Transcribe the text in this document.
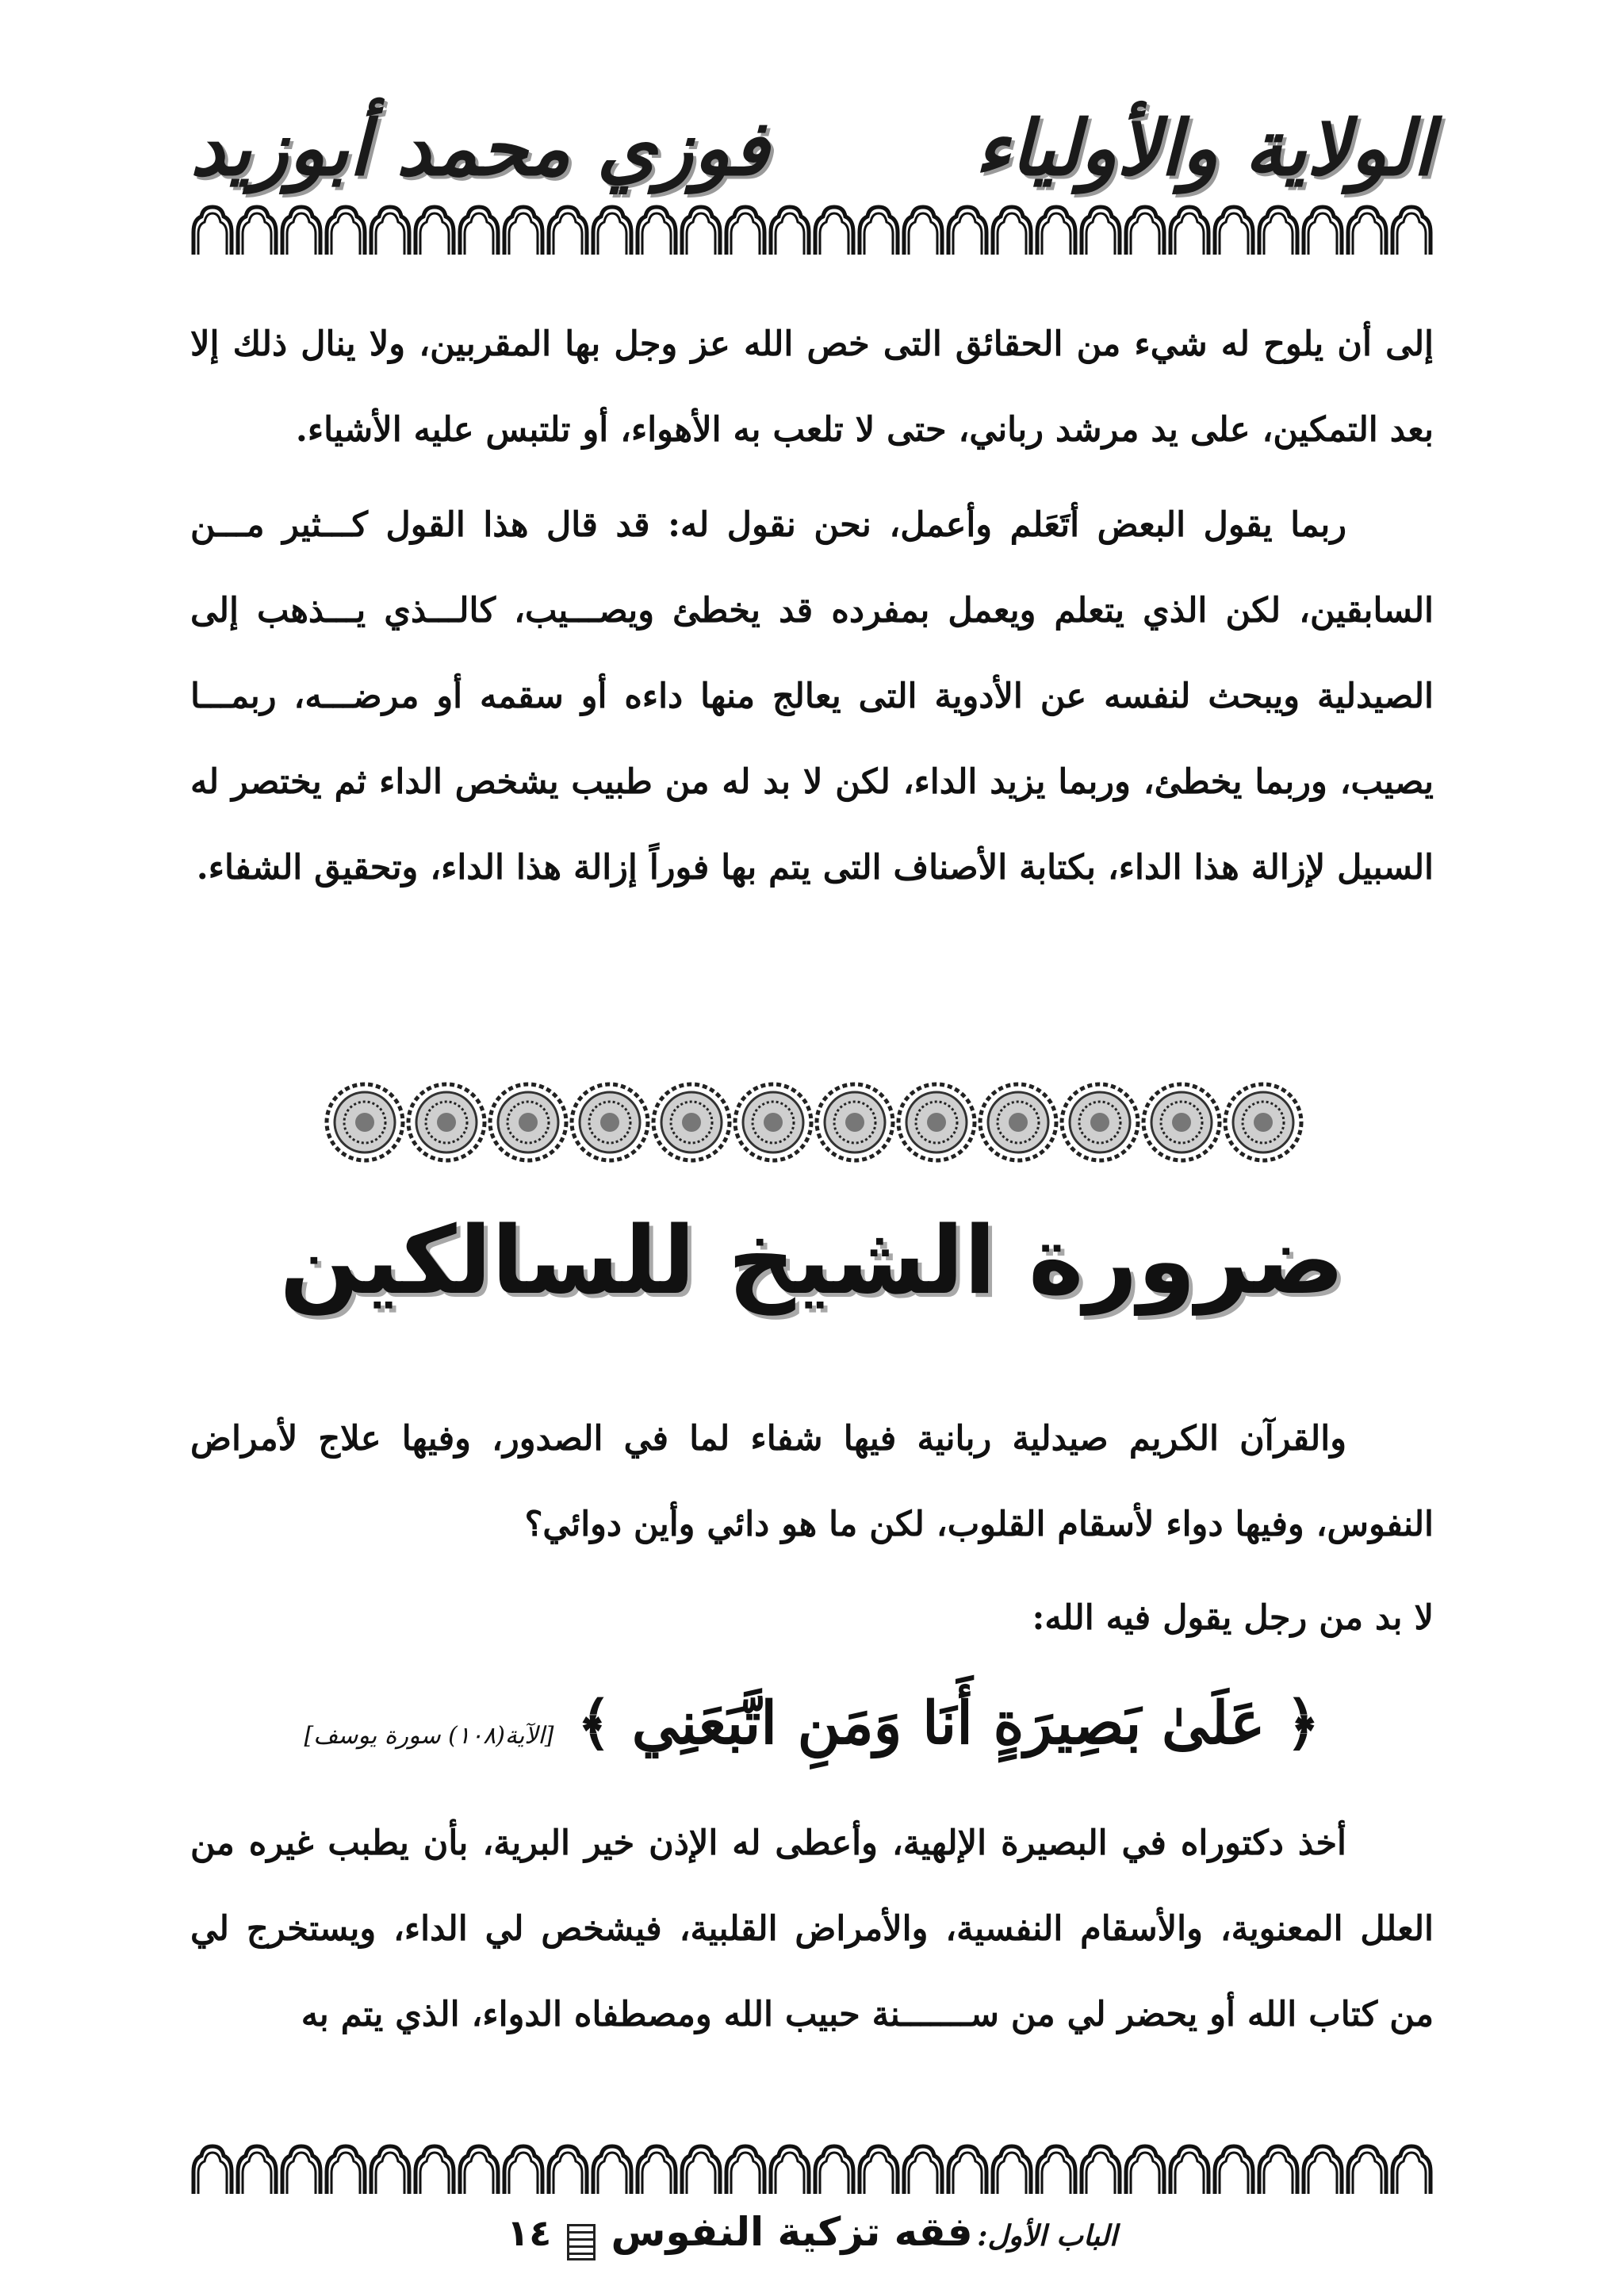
الولاية والأولياء
فوزي محمد أبوزيد

إلى أن يلوح له شيء من الحقائق التى خص الله عز وجل بها المقربين، ولا ينال ذلك إلا بعد التمكين، على يد مرشد رباني، حتى لا تلعب به الأهواء، أو تلتبس عليه الأشياء.

ربما يقول البعض أتَعَلم وأعمل، نحن نقول له: قد قال هذا القول كـــثير مـــن السابقين، لكن الذي يتعلم ويعمل بمفرده قد يخطئ ويصـــيب، كالـــذي يـــذهب إلى الصيدلية ويبحث لنفسه عن الأدوية التى يعالج منها داءه أو سقمه أو مرضـــه، ربمـــا يصيب، وربما يخطئ، وربما يزيد الداء، لكن لا بد له من طبيب يشخص الداء ثم يختصر له السبيل لإزالة هذا الداء، بكتابة الأصناف التى يتم بها فوراً إزالة هذا الداء، وتحقيق الشفاء.

ضرورة الشيخ للسالكين

والقرآن الكريم صيدلية ربانية فيها شفاء لما في الصدور، وفيها علاج لأمراض النفوس، وفيها دواء لأسقام القلوب، لكن ما هو دائي وأين دوائي؟

لا بد من رجل يقول فيه الله:
﴿ عَلَىٰ بَصِيرَةٍ أَنَا وَمَنِ اتَّبَعَنِي ﴾ [الآية(١٠٨) سورة يوسف]

أخذ دكتوراه في البصيرة الإلهية، وأعطى له الإذن خير البرية، بأن يطبب غيره من العلل المعنوية، والأسقام النفسية، والأمراض القلبية، فيشخص لي الداء، ويستخرج لي من كتاب الله أو يحضر لي من ســـــــنة حبيب الله ومصطفاه الدواء، الذي يتم به

الباب الأول: فقه تزكية النفوس  ١٤
